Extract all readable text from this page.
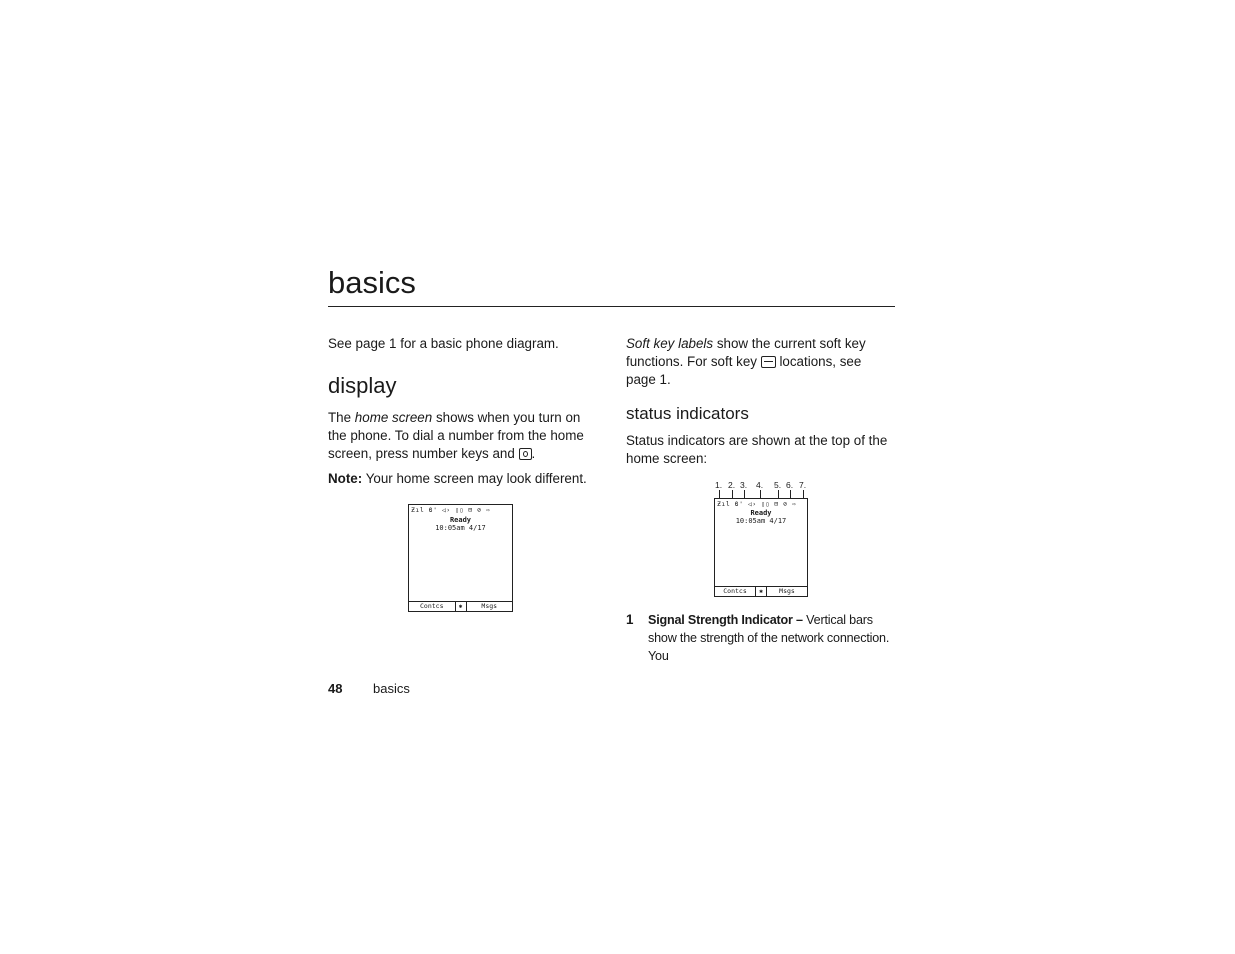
basics
See page 1 for a basic phone diagram.
display
The home screen shows when you turn on the phone. To dial a number from the home screen, press number keys and .
Note: Your home screen may look different.
Ƶıl ϐ' ◁› ▯▯ ⊟ ⊘ ⇨
Ready
10:05am 4/17
Contcs	✱	Msgs
Soft key labels show the current soft key functions. For soft key  locations, see page 1.
status indicators
Status indicators are shown at the top of the home screen:
1. 2. 3. 4. 5. 6. 7.
Ƶıl ϐ' ◁› ▯▯ ⊟ ⊘ ⇨
Ready
10:05am 4/17
Contcs	✱	Msgs
1 Signal Strength Indicator – Vertical bars show the strength of the network connection. You
48 basics
